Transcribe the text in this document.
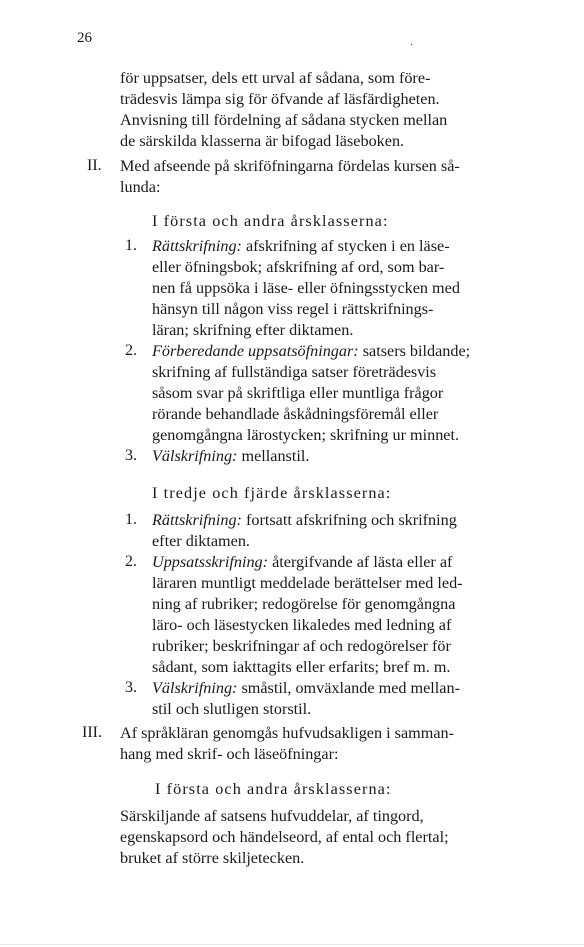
26	·
för uppsatser, dels ett urval af sådana, som före-
trädesvis lämpa sig för öfvande af läsfärdigheten.
Anvisning till fördelning af sådana stycken mellan
de särskilda klasserna är bifogad läseboken.
II. Med afseende på skriföfningarna fördelas kursen så-
lunda:
I första och andra årsklasserna:
1. Rättskrifning: afskrifning af stycken i en läse-
eller öfningsbok; afskrifning af ord, som bar-
nen få uppsöka i läse- eller öfningsstycken med
hänsyn till någon viss regel i rättskrifnings-
läran; skrifning efter diktamen.
2. Förberedande uppsatsöfningar: satsers bildande;
skrifning af fullständiga satser företrädesvis
såsom svar på skriftliga eller muntliga frågor
rörande behandlade åskådningsföremål eller
genomgångna lärostycken; skrifning ur minnet.
3. Välskrifning: mellanstil.
I tredje och fjärde årsklasserna:
1. Rättskrifning: fortsatt afskrifning och skrifning
efter diktamen.
2. Uppsatsskrifning: återgifvande af lästa eller af
läraren muntligt meddelade berättelser med led-
ning af rubriker; redogörelse för genomgångna
läro- och läsestycken likaledes med ledning af
rubriker; beskrifningar af och redogörelser för
sådant, som iakttagits eller erfarits; bref m. m.
3. Välskrifning: småstil, omväxlande med mellan-
stil och slutligen storstil.
III. Af språkläran genomgås hufvudsakligen i samman-
hang med skrif- och läseöfningar:
I första och andra årsklasserna:
Särskiljande af satsens hufvuddelar, af tingord,
egenskapsord och händelseord, af ental och flertal;
bruket af större skiljetecken.
